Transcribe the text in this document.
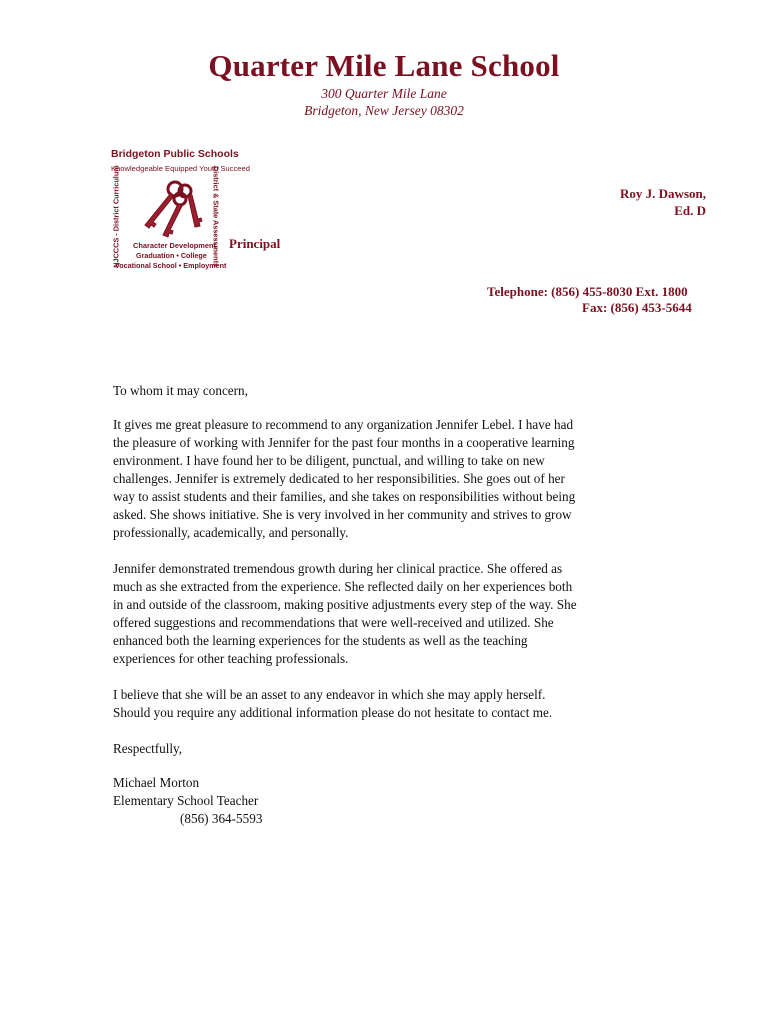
Quarter Mile Lane School
300 Quarter Mile Lane
Bridgeton, New Jersey 08302
Bridgeton Public Schools
Knowledgeable Equipped Youth Succeed
NJCCCS - District Curriculum	District & State Assessments
Character Development
Graduation • College
Vocational School • Employment
Principal
Roy J. Dawson,
Ed. D
Telephone: (856) 455-8030 Ext. 1800
Fax: (856) 453-5644
To whom it may concern,
It gives me great pleasure to recommend to any organization Jennifer Lebel. I have had
the pleasure of working with Jennifer for the past four months in a cooperative learning
environment. I have found her to be diligent, punctual, and willing to take on new
challenges. Jennifer is extremely dedicated to her responsibilities. She goes out of her
way to assist students and their families, and she takes on responsibilities without being
asked. She shows initiative. She is very involved in her community and strives to grow
professionally, academically, and personally.
Jennifer demonstrated tremendous growth during her clinical practice. She offered as
much as she extracted from the experience. She reflected daily on her experiences both
in and outside of the classroom, making positive adjustments every step of the way. She
offered suggestions and recommendations that were well-received and utilized. She
enhanced both the learning experiences for the students as well as the teaching
experiences for other teaching professionals.
I believe that she will be an asset to any endeavor in which she may apply herself.
Should you require any additional information please do not hesitate to contact me.
Respectfully,
Michael Morton
Elementary School Teacher
(856) 364-5593
